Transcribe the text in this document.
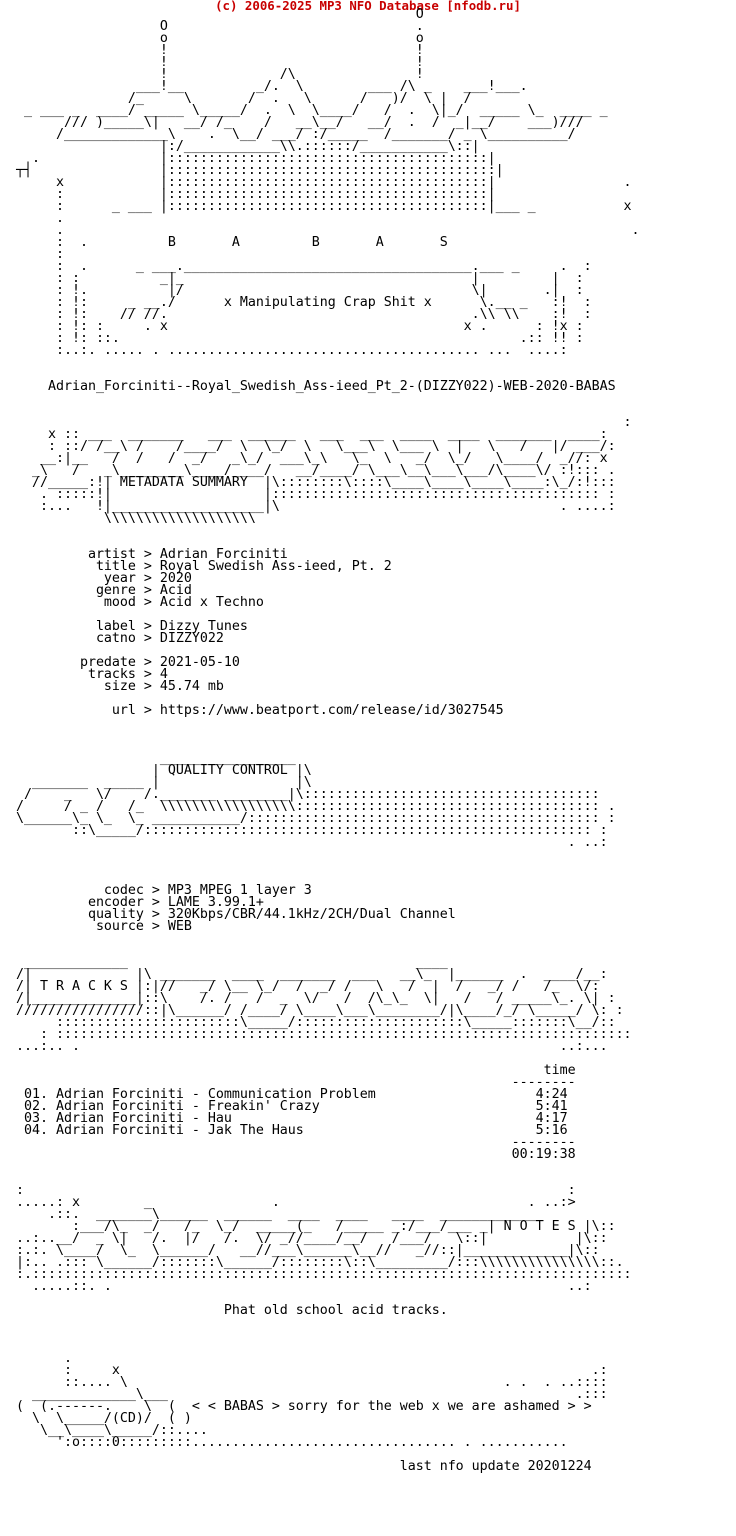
(c) 2006-2025 MP3 NFO Database [nfodb.ru]
O
O                               .
o                               o
!                               !
!                               !
!              /\               !
___!__         _/.  \        ___ /\ _    ___!___.
/_     \       /  .   \      /   )/  \ |  /
_ ___ _  ____/ _____ \_____/  .  \  \____/   /  .  \|_/  _____ \_  ____ _
/// )_____\|   __/ /_    /   __\__/   __/  .  /  _|__/    ___)///
/_____________\    .  \__/ ___/ :/_____  /_______/ _ \__________/
|:/____________\\.::::::/___________\::|
.               |::::::::::::::::::::::::::::::::::::::::|
┬┤                |:::::::::::::::::::::::::::::::::::::::::|
x            |::::::::::::::::::::::::::::::::::::::::|                .
:            |::::::::::::::::::::::::::::::::::::::::|
:      _ ___ |::::::::::::::::::::::::::::::::::::::::|___ _           x
.
.                                                                       .
:  .          B       A         B       A       S
:
:  .      _ ___.____________________________________.___ _     .  :
: :          _|_                                    |         |  :
: !.          |/                                    \|       .|  :
: !:     _ __./      x Manipulating Crap Shit x      \.__ _   :!  :
: !:    // //.                                      .\\ \\    :!  :
: !: :     . x                                     x .      : !x :
: !: ::.                                                  .:: !! :
:..:. ..... . ....................................... ...  ....:
Adrian_Forciniti--Royal_Swedish_Ass-ieed_Pt_2-(DIZZY022)-WEB-2020-BABAS
:
x :: ___  _______   ___  ______   ___  ___  ____  ____  _______  ____:
: ::/ /__\ /    /____/  \  \_/  \   \___\  \___ \  |   \   /   |/ ___/:
__:|__   /  /   /  _/   _\_/  ___\_\   \_  \   _/  \_/   \____/  _//: x
_\   /   _\________\____/____/   __/____/ \___\__\___\___/\____\/ :!::: .
//_____:!| METADATA SUMMARY  |\::::::::\::::\____\____\____\____:\_/:!:::
. :::::!|                   |::::::::::::::::::::::::::::::::::::::::: :
:...   !|___________________|\                                   . ....:
\\\\\\\\\\\\\\\\\\\
artist > Adrian Forciniti
title > Royal Swedish Ass-ieed, Pt. 2
year > 2020
genre > Acid
mood > Acid x Techno
label > Dizzy Tunes
catno > DIZZY022
predate > 2021-05-10
tracks > 4
size > 45.74 mb
url > https://www.beatport.com/release/id/3027545
_________________
| QUALITY CONTROL |\
_______  _____ |                 |\
/    _   \/    /._______ ________|\:::::::::::::::::::::::::::::::::::::
/     / _ /   /_  \\\\\\\\\\\\\\\\\:::::::::::::::::::::::::::::::::::::: .
\______\_ \_  \_ ___________/:::::::::::::::::::::::::::::::::::::::::::: :
::\_____/:::::::::::::::::::::::::::::::::::::::::::::::::::::::: :
. ..:
codec > MP3 MPEG 1 layer 3
encoder > LAME 3.99.1+
quality > 320Kbps/CBR/44.1kHz/2CH/Dual Channel
source > WEB
_____________                                    ____
/|             |\ _______  ____  _______  ___   __\_  |______  .  ____/__:
/| T R A C K S |:|//   _/ \__ \_/  /  _/ /   \   /  |  /   _/ /   /_  \/:
/|_____________|::\    /. /   /  _  \/   /  /\_\_  \|   /   / _____\_. \| :
////////////////::|\______/ /____/ \____\___\________/|\____/_/ \_____/ \: :
:::::::::::::::::::::::\_____/:::::::::::::::::::::\_____:::::::\__/::
: ::::::::::::::::::::::::::::::::::::::::::::::::::::::::::::::::::::::::
...:.. .                                                            ..:...
time
--------
01. Adrian Forciniti - Communication Problem                    4:24
02. Adrian Forciniti - Freakin' Crazy                           5:41
03. Adrian Forciniti - Hau                                      4:17
04. Adrian Forciniti - Jak The Haus                             5:16
--------
00:19:38
:                                                                    :
.....: x        _               .                               . ..:>
.::.  _______\______  ______  ____  ____   ____  _____________
:___/\_  _/   /_  \_/  _____(_   /_____ _:/___/___ _| N O T E S |\::
..:..__/  _ \|   /.  |/   /.  \/ _//____/__/   /___/   \::|           |\::
:.:. \____/  \_  \______/   __//___\______\__//   _//::|_____________|\::
|:.. .::: \______/:::::::\______/::::::::\::\_________/:::\\\\\\\\\\\\\\\::.
:.:::::::::::::::::::::::::::::::::::::::::::::::::::::::::::::::::::::::::::
.....::. .                                                         ..:
Phat old school acid tracks.
.
:     x                                                           .:
::.... \                                               . .  . ..::::
_____________\___                                                   .:::
(  (.------.    \  (  < < BABAS > sorry for the web x we are ashamed > >
\  \_____/(CD)/  ( )
\__\____\_____/::....
':o::::0:::::::::................................. . ...........
last nfo update 20201224
